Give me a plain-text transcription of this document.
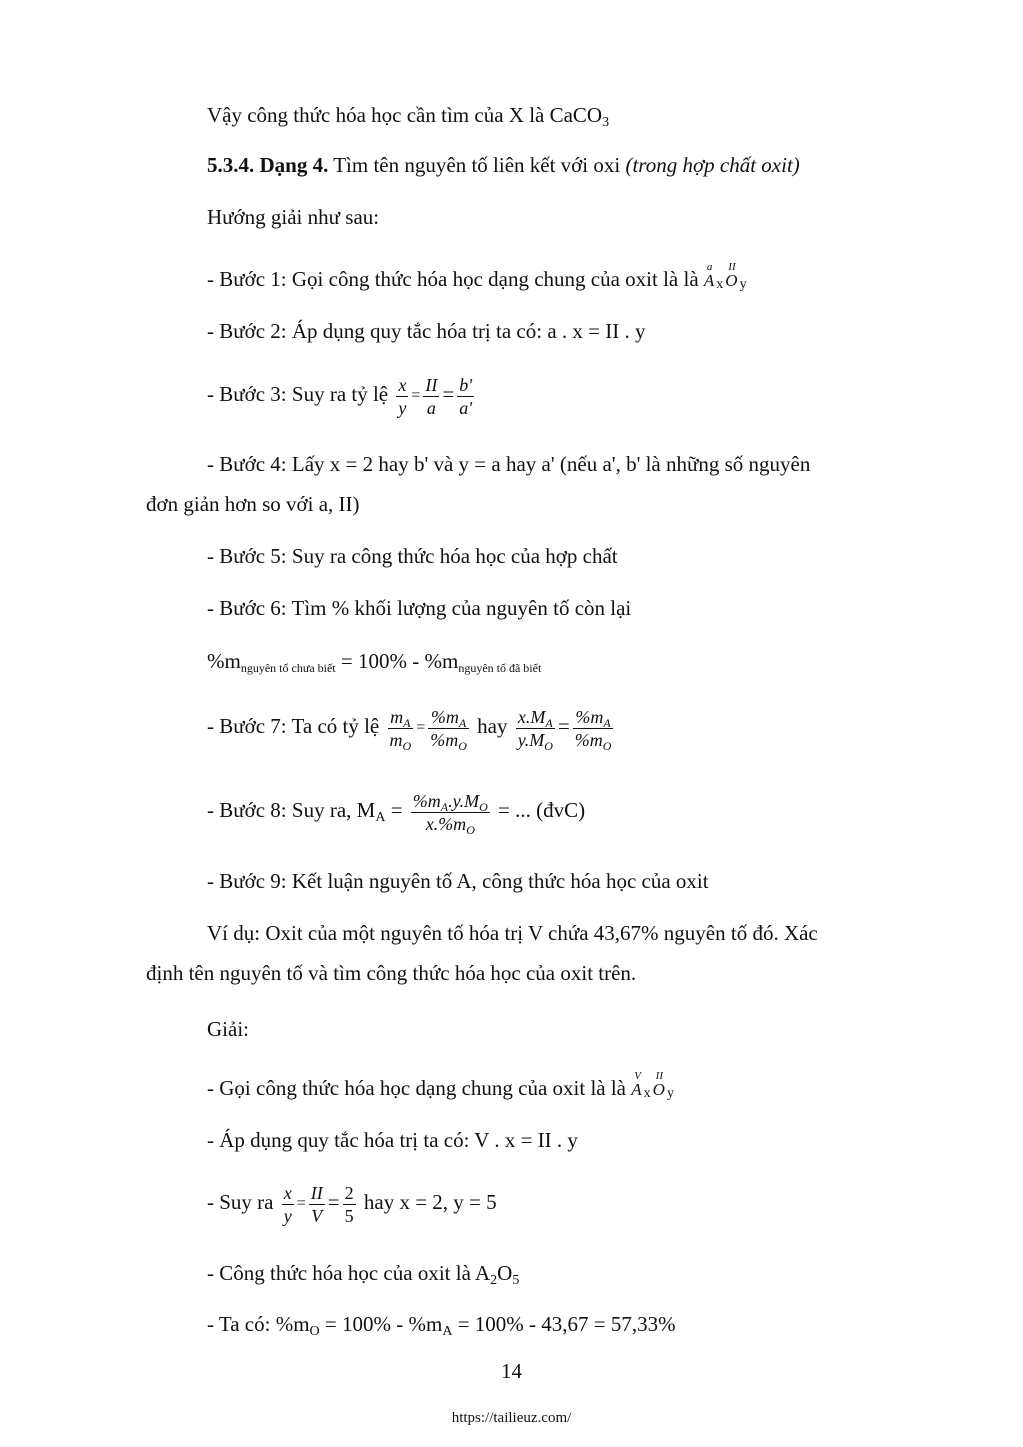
Vậy công thức hóa học cần tìm của X là CaCO$_3$
5.3.4. Dạng 4. Tìm tên nguyên tố liên kết với oxi (trong hợp chất oxit)
Hướng giải như sau:
- Bước 1: Gọi công thức hóa học dạng chung của oxit là là a
A x
II
O y
- Bước 2: Áp dụng quy tắc hóa trị ta có: a . x = II . y
- Bước 3: Suy ra tỷ lệ $\frac{x}{y} = \frac{II}{a} = \frac{b'}{a'}$
- Bước 4: Lấy x = 2 hay b' và y = a hay a' (nếu a', b' là những số nguyên
đơn giản hơn so với a, II)
- Bước 5: Suy ra công thức hóa học của hợp chất
- Bước 6: Tìm % khối lượng của nguyên tố còn lại
$\%m_{nguyên tố chưa biết} = 100\% - \%m_{nguyên tố đã biết}$
- Bước 7: Ta có tỷ lệ $\frac{m_A}{m_O} = \frac{\%m_A}{\%m_O}$ hay $\frac{x.M_A}{y.M_O} = \frac{\%m_A}{\%m_O}$
- Bước 8: Suy ra, $M_A = \frac{\%m_A.y.M_O}{x.\%m_O}$ = ... (đvC)
- Bước 9: Kết luận nguyên tố A, công thức hóa học của oxit
Ví dụ: Oxit của một nguyên tố hóa trị V chứa 43,67% nguyên tố đó. Xác
định tên nguyên tố và tìm công thức hóa học của oxit trên.
Giải:
- Gọi công thức hóa học dạng chung của oxit là là V
A x
II
O y
- Áp dụng quy tắc hóa trị ta có: V . x = II . y
- Suy ra $\frac{x}{y} = \frac{II}{V} = \frac{2}{5}$ hay x = 2, y = 5
- Công thức hóa học của oxit là $A_2O_5$
- Ta có: $\%m_O = 100\% - \%m_A = 100\% - 43,67 = 57,33\%$
14
https://tailieuz.com/
